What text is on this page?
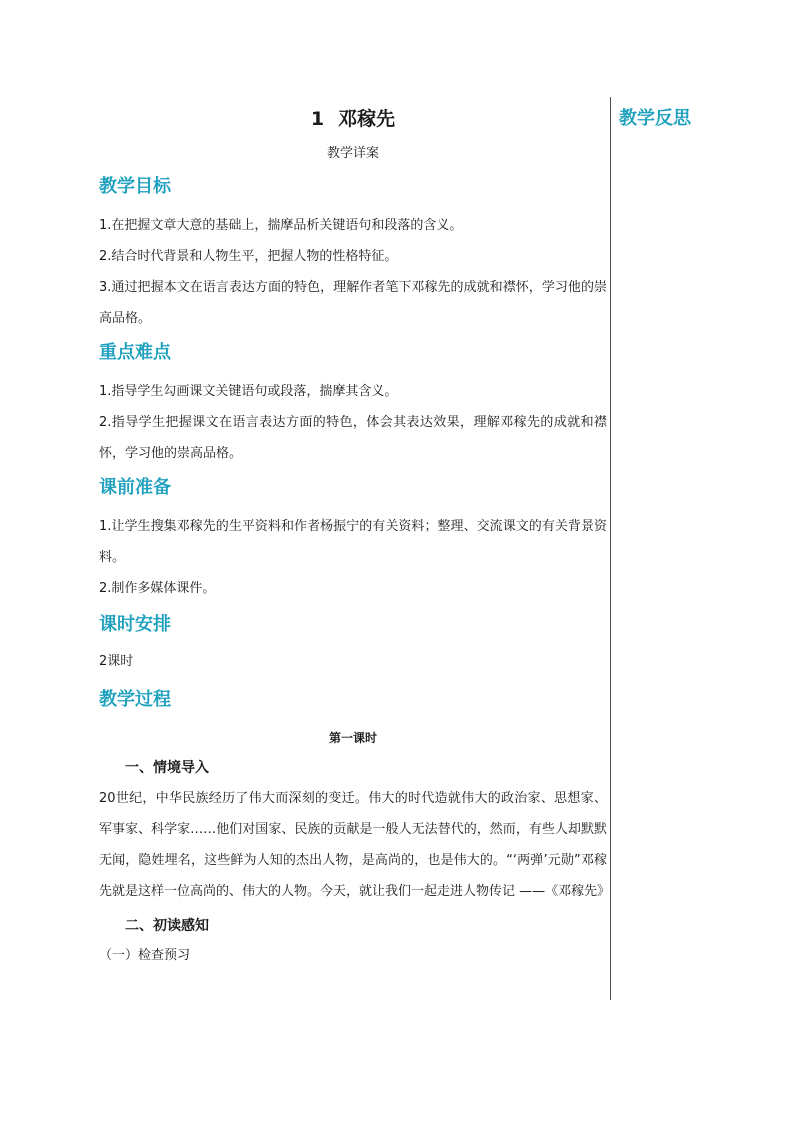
教学反思
1 邓稼先
教学详案
教学目标

1.在把握文章大意的基础上，揣摩品析关键语句和段落的含义。

2.结合时代背景和人物生平，把握人物的性格特征。

3.通过把握本文在语言表达方面的特色，理解作者笔下邓稼先的成就和襟怀，学习他的崇高品格。

重点难点

1.指导学生勾画课文关键语句或段落，揣摩其含义。

2.指导学生把握课文在语言表达方面的特色，体会其表达效果，理解邓稼先的成就和襟怀，学习他的崇高品格。

课前准备

1.让学生搜集邓稼先的生平资料和作者杨振宁的有关资料；整理、交流课文的有关背景资料。

2.制作多媒体课件。

课时安排

2课时

教学过程

第一课时

一、情境导入

20世纪，中华民族经历了伟大而深刻的变迁。伟大的时代造就伟大的政治家、思想家、军事家、科学家……他们对国家、民族的贡献是一般人无法替代的，然而，有些人却默默无闻，隐姓埋名，这些鲜为人知的杰出人物，是高尚的，也是伟大的。“‘两弹’元勋”邓稼先就是这样一位高尚的、伟大的人物。今天，就让我们一起走进人物传记 ——《邓稼先》

二、初读感知

（一）检查预习
